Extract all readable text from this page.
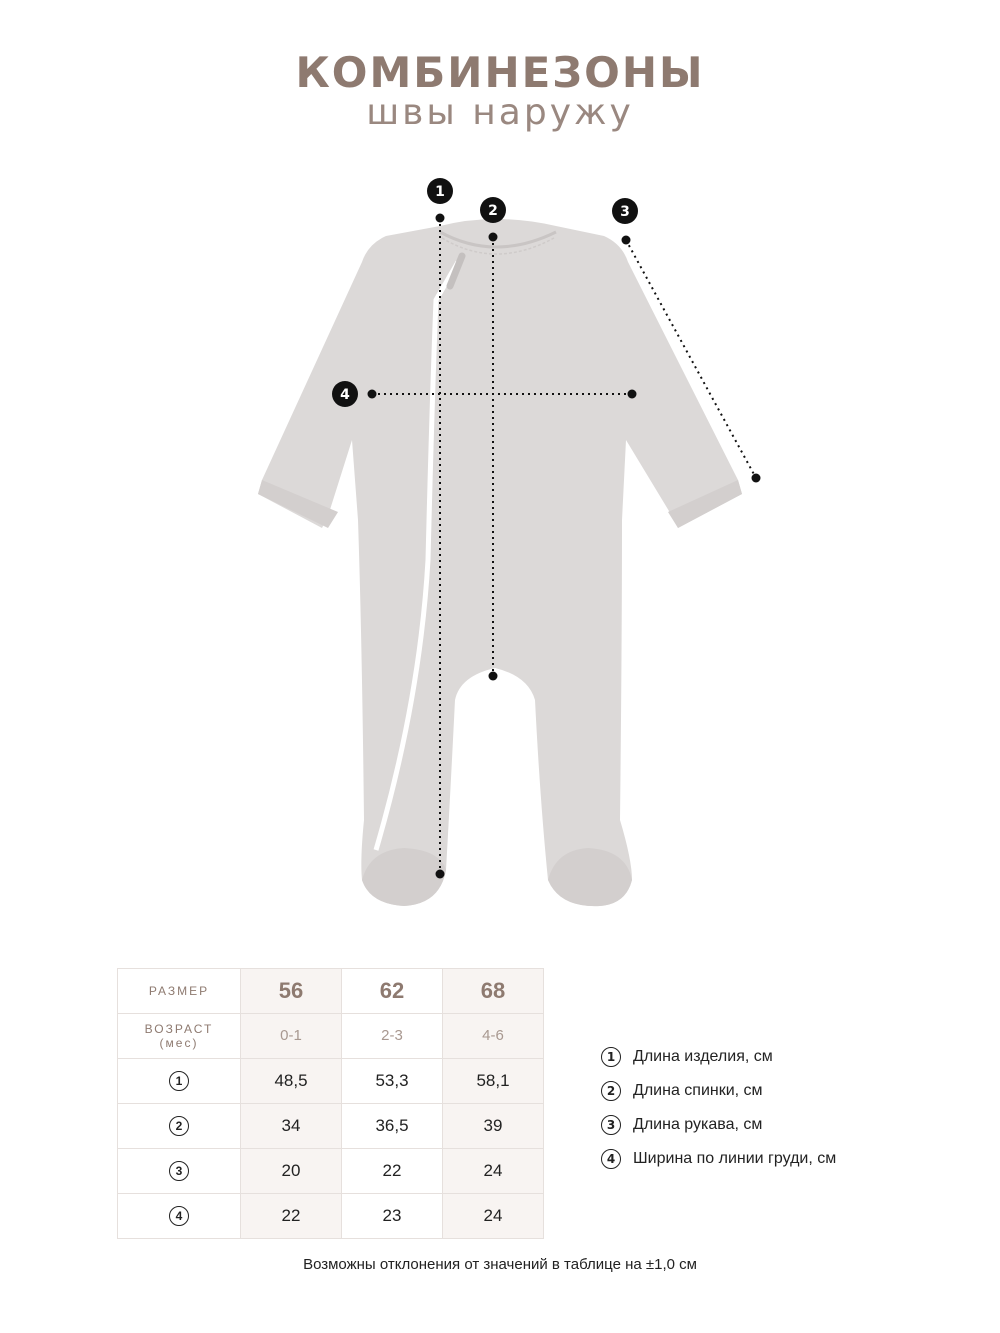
КОМБИНЕЗОНЫ
швы наружу
1
2	3
4
РАЗМЕР	56	62	68

ВОЗРАСТ
(мес)	0-1	2-3	4-6
1	48,5	53,3	58,1
2	34	36,5	39
3	20	22	24
4	22	23	24
1	Длина изделия, см
2	Длина спинки, см
3	Длина рукава, см
4	Ширина по линии груди, см
Возможны отклонения от значений в таблице на ±1,0 см
